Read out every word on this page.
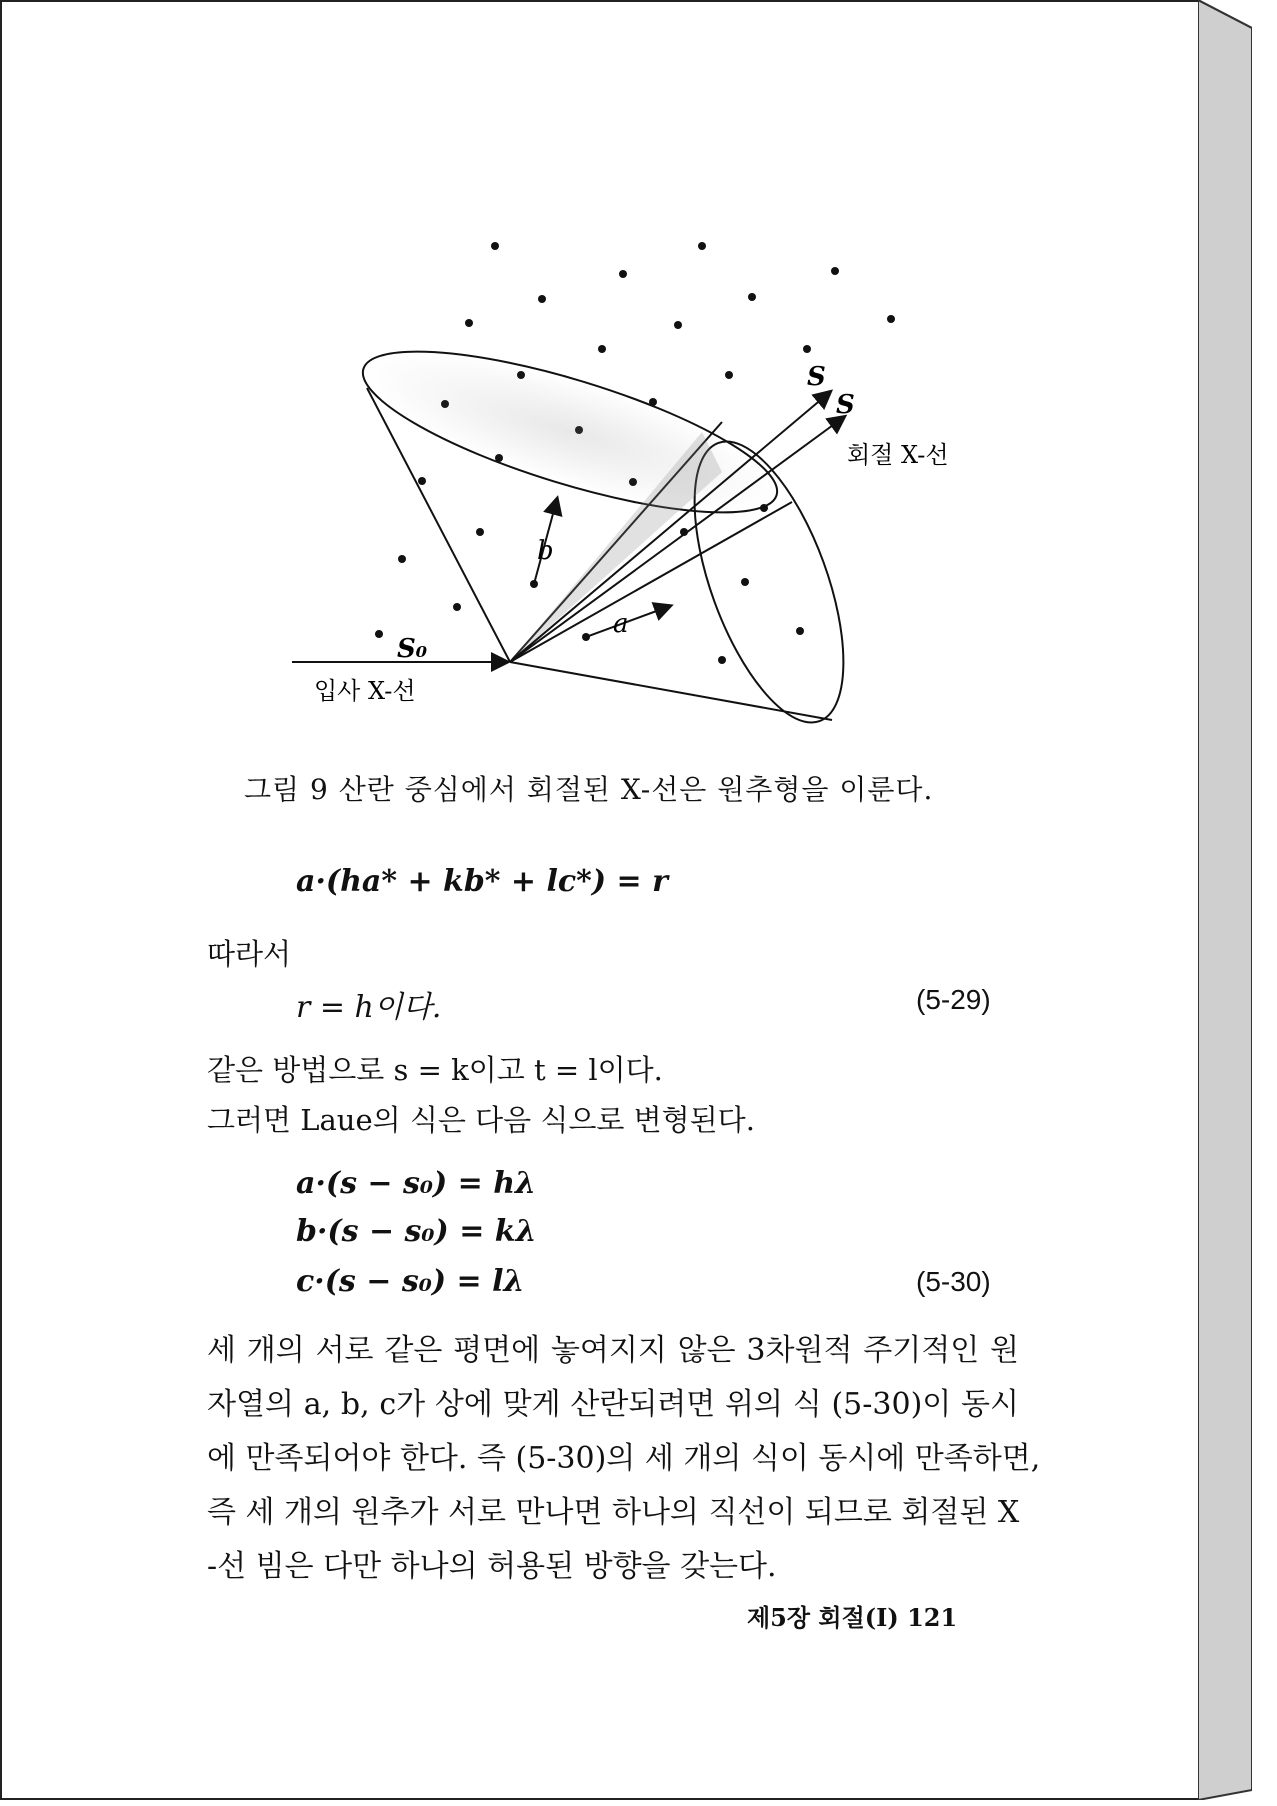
S
S
회절 X-선
b
a
S₀
입사 X-선
그림 9 산란 중심에서 회절된 X-선은 원추형을 이룬다.
a·(ha* + kb* + lc*) = r
따라서
r = h이다.	(5-29)
같은 방법으로 s = k이고 t = l이다.
그러면 Laue의 식은 다음 식으로 변형된다.
a·(s − s₀) = hλ
b·(s − s₀) = kλ
c·(s − s₀) = lλ	(5-30)
세 개의 서로 같은 평면에 놓여지지 않은 3차원적 주기적인 원
자열의 a, b, c가 상에 맞게 산란되려면 위의 식 (5-30)이 동시
에 만족되어야 한다. 즉 (5-30)의 세 개의 식이 동시에 만족하면,
즉 세 개의 원추가 서로 만나면 하나의 직선이 되므로 회절된 X
-선 빔은 다만 하나의 허용된 방향을 갖는다.
제5장 회절(I) 121
